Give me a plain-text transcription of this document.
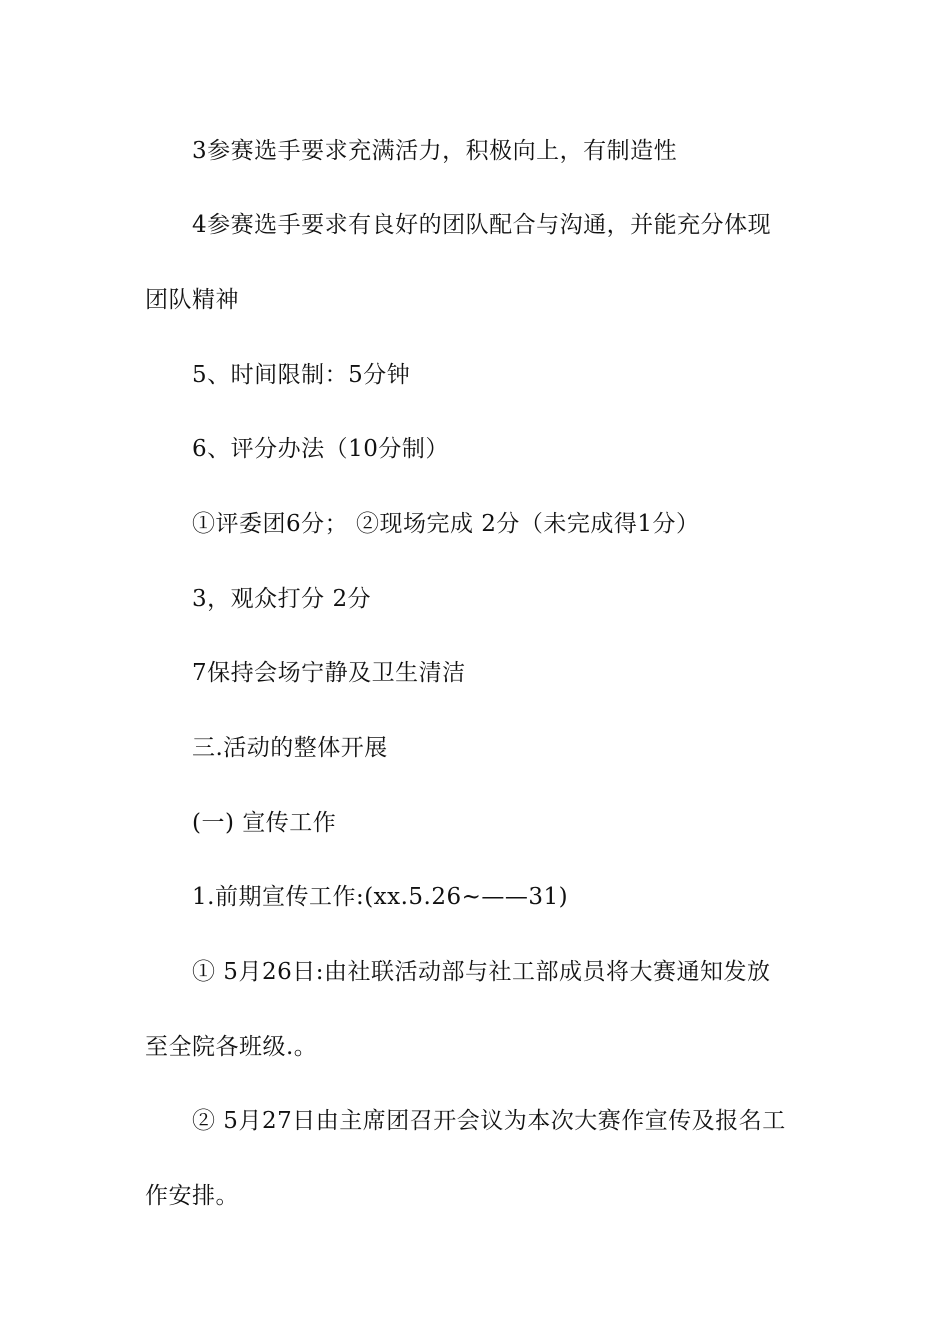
3参赛选手要求充满活力，积极向上，有制造性
4参赛选手要求有良好的团队配合与沟通，并能充分体现
团队精神
5、时间限制：5分钟
6、评分办法（10分制）
①评委团6分； ②现场完成 2分（未完成得1分）
3，观众打分 2分
7保持会场宁静及卫生清洁
三.活动的整体开展
(一) 宣传工作
1.前期宣传工作:(xx.5.26~——31)
① 5月26日:由社联活动部与社工部成员将大赛通知发放
至全院各班级.。
② 5月27日由主席团召开会议为本次大赛作宣传及报名工
作安排。
